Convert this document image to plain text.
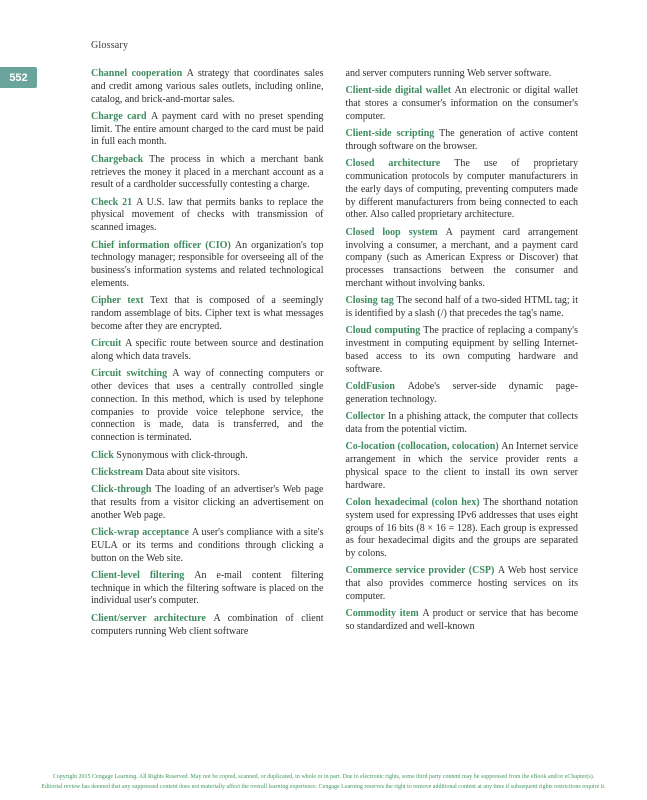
Glossary
552	Channel cooperation A strategy that coordinates sales and credit among various sales outlets, including online, catalog, and brick-and-mortar sales.

Charge card A payment card with no preset spending limit. The entire amount charged to the card must be paid in full each month.

Chargeback The process in which a merchant bank retrieves the money it placed in a merchant account as a result of a cardholder successfully contesting a charge.

Check 21 A U.S. law that permits banks to replace the physical movement of checks with transmission of scanned images.

Chief information officer (CIO) An organization's top technology manager; responsible for overseeing all of the business's information systems and related technological elements.

Cipher text Text that is composed of a seemingly random assemblage of bits. Cipher text is what messages become after they are encrypted.

Circuit A specific route between source and destination along which data travels.

Circuit switching A way of connecting computers or other devices that uses a centrally controlled single connection. In this method, which is used by telephone companies to provide voice telephone service, the connection is made, data is transferred, and the connection is terminated.

Click Synonymous with click-through.

Clickstream Data about site visitors.

Click-through The loading of an advertiser's Web page that results from a visitor clicking an advertisement on another Web page.

Click-wrap acceptance A user's compliance with a site's EULA or its terms and conditions through clicking a button on the Web site.

Client-level filtering An e-mail content filtering technique in which the filtering software is placed on the individual user's computer.

Client/server architecture A combination of client computers running Web client software

and server computers running Web server software.

Client-side digital wallet An electronic or digital wallet that stores a consumer's information on the consumer's computer.

Client-side scripting The generation of active content through software on the browser.

Closed architecture The use of proprietary communication protocols by computer manufacturers in the early days of computing, preventing computers made by different manufacturers from being connected to each other. Also called proprietary architecture.

Closed loop system A payment card arrangement involving a consumer, a merchant, and a payment card company (such as American Express or Discover) that processes transactions between the consumer and merchant without involving banks.

Closing tag The second half of a two-sided HTML tag; it is identified by a slash (/) that precedes the tag's name.

Cloud computing The practice of replacing a company's investment in computing equipment by selling Internet-based access to its own computing hardware and software.

ColdFusion Adobe's server-side dynamic page-generation technology.

Collector In a phishing attack, the computer that collects data from the potential victim.

Co-location (collocation, colocation) An Internet service arrangement in which the service provider rents a physical space to the client to install its own server hardware.

Colon hexadecimal (colon hex) The shorthand notation system used for expressing IPv6 addresses that uses eight groups of 16 bits (8 × 16 = 128). Each group is expressed as four hexadecimal digits and the groups are separated by colons.

Commerce service provider (CSP) A Web host service that also provides commerce hosting services on its computer.

Commodity item A product or service that has become so standardized and well-known

Copyright 2015 Cengage Learning. All Rights Reserved. May not be copied, scanned, or duplicated, in whole or in part. Due to electronic rights, some third party content may be suppressed from the eBook and/or eChapter(s).
Editorial review has deemed that any suppressed content does not materially affect the overall learning experience. Cengage Learning reserves the right to remove additional content at any time if subsequent rights restrictions require it.
